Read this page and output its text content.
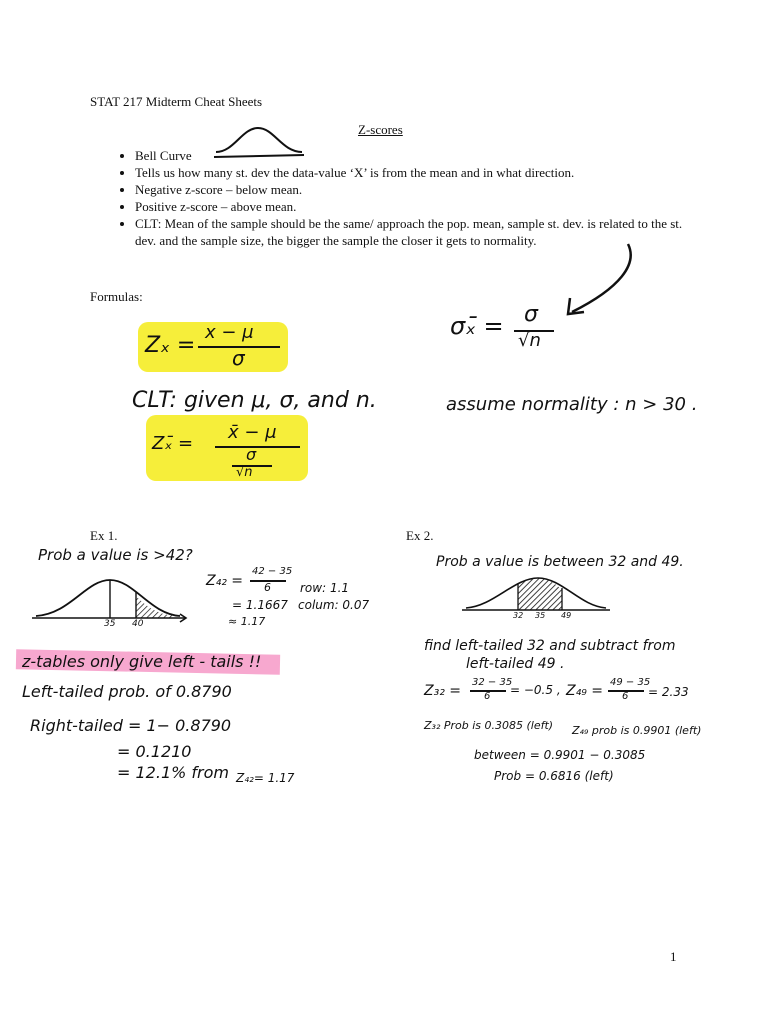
STAT 217 Midterm Cheat Sheets
Z-scores
• Bell Curve
• Tells us how many st. dev the data-value ‘X’ is from the mean and in what direction.
• Negative z-score – below mean.
• Positive z-score – above mean.
• CLT: Mean of the sample should be the same/ approach the pop. mean, sample st. dev. is related to the st. dev. and the sample size, the bigger the sample the closer it gets to normality.
Formulas:
Zₓ =
x − μ
σ
σₓ̄ = σ
√n
CLT: given μ, σ, and n.	assume normality : n > 30 .
Zₓ̄ =
x̄ − μ
σ
√n
Ex 1.
Prob a value is >42?
35 40
Z₄₂ =
42 − 35
6
= 1.1667
≈ 1.17
row: 1.1
colum: 0.07
z-tables only give left - tails !!
Left-tailed prob. of 0.8790
Right-tailed = 1− 0.8790
= 0.1210
= 12.1% from Z₄₂= 1.17
Ex 2.
Prob a value is between 32 and 49.
32 35 49
find left-tailed 32 and subtract from
left-tailed 49 .
Z₃₂ =
32 − 35
6 = −0.5 , Z₄₉ =
49 − 35
6 = 2.33
Z₃₂ Prob is 0.3085 (left) Z₄₉ prob is 0.9901 (left)
between = 0.9901 − 0.3085
Prob = 0.6816 (left)
1
